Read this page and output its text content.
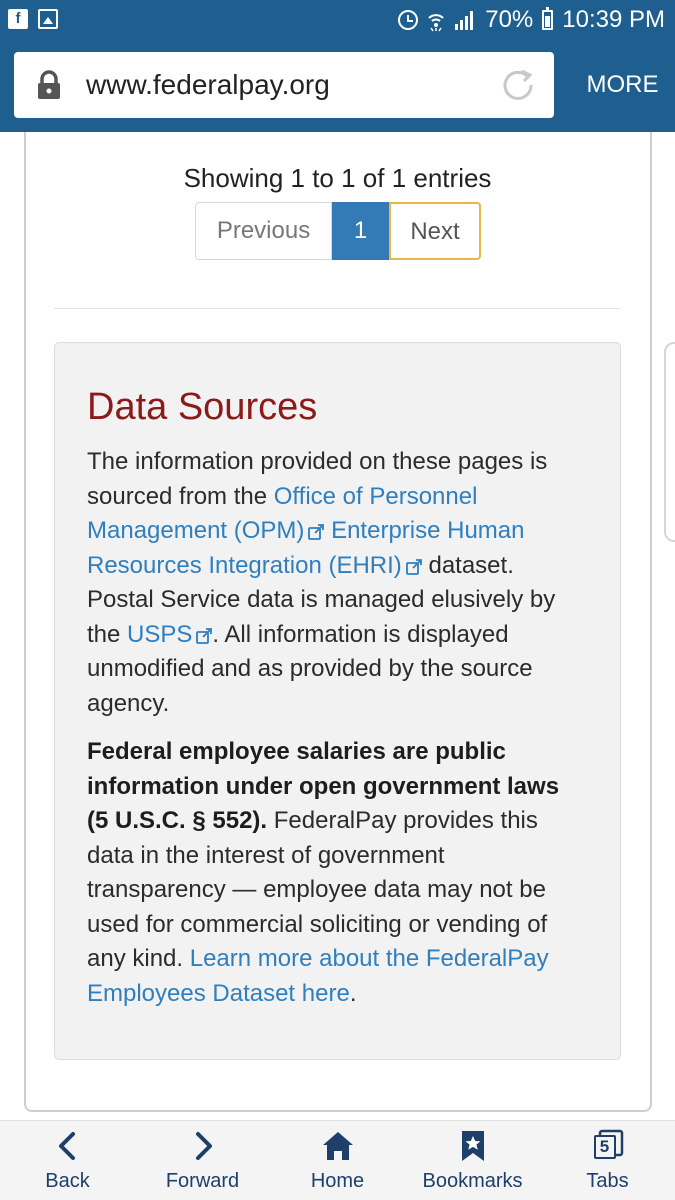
f	70% 10:39 PM
www.federalpay.org	MORE
Showing 1 to 1 of 1 entries
Previous	1	Next
Data Sources

The information provided on these pages is sourced from the Office of Personnel Management (OPM) Enterprise Human Resources Integration (EHRI) dataset. Postal Service data is managed elusively by the USPS . All information is displayed unmodified and as provided by the source agency.

Federal employee salaries are public information under open government laws (5 U.S.C. § 552). FederalPay provides this data in the interest of government transparency — employee data may not be used for commercial soliciting or vending of any kind. Learn more about the FederalPay Employees Dataset here.

Back	Forward	Home	Bookmarks
5
Tabs
